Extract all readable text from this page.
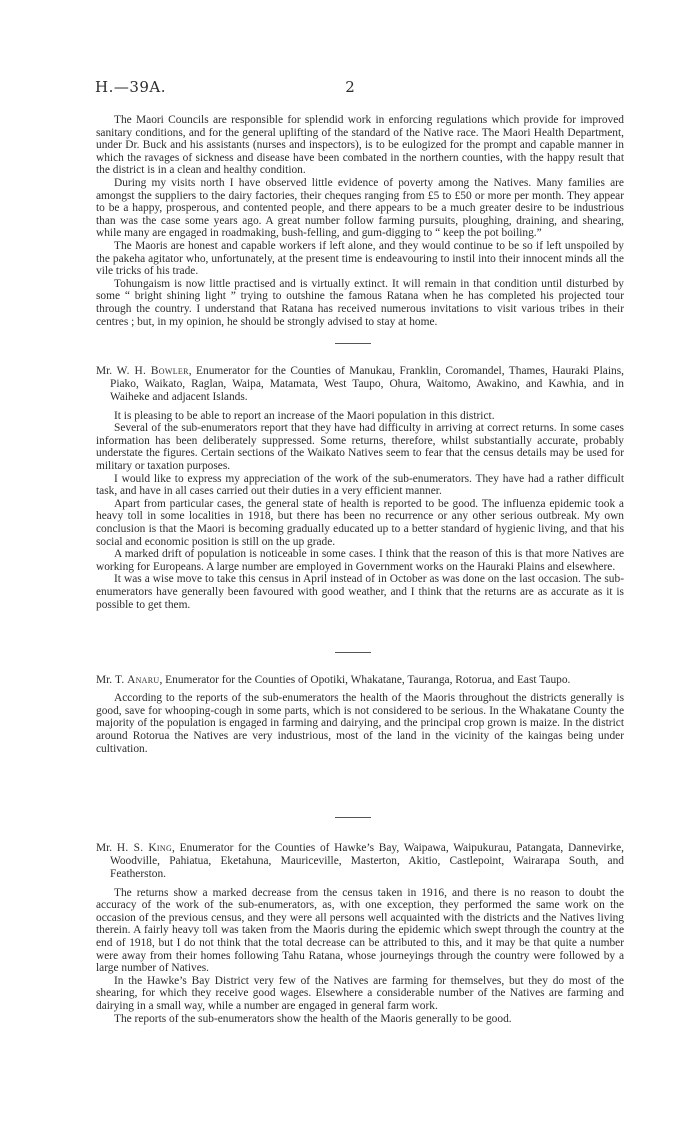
H.—39A.	2

The Maori Councils are responsible for splendid work in enforcing regulations which provide for improved sanitary conditions, and for the general uplifting of the standard of the Native race. The Maori Health Department, under Dr. Buck and his assistants (nurses and inspectors), is to be eulogized for the prompt and capable manner in which the ravages of sickness and disease have been combated in the northern counties, with the happy result that the district is in a clean and healthy condition.

During my visits north I have observed little evidence of poverty among the Natives. Many families are amongst the suppliers to the dairy factories, their cheques ranging from £5 to £50 or more per month. They appear to be a happy, prosperous, and contented people, and there appears to be a much greater desire to be industrious than was the case some years ago. A great number follow farming pursuits, ploughing, draining, and shearing, while many are engaged in roadmaking, bush-felling, and gum-digging to “ keep the pot boiling.”

The Maoris are honest and capable workers if left alone, and they would continue to be so if left unspoiled by the pakeha agitator who, unfortunately, at the present time is endeavouring to instil into their innocent minds all the vile tricks of his trade.

Tohungaism is now little practised and is virtually extinct. It will remain in that condition until disturbed by some “ bright shining light ” trying to outshine the famous Ratana when he has completed his projected tour through the country. I understand that Ratana has received numerous invitations to visit various tribes in their centres ; but, in my opinion, he should be strongly advised to stay at home.

Mr. W. H. Bowler, Enumerator for the Counties of Manukau, Franklin, Coromandel, Thames, Hauraki Plains, Piako, Waikato, Raglan, Waipa, Matamata, West Taupo, Ohura, Waitomo, Awakino, and Kawhia, and in Waiheke and adjacent Islands.

It is pleasing to be able to report an increase of the Maori population in this district.

Several of the sub-enumerators report that they have had difficulty in arriving at correct returns. In some cases information has been deliberately suppressed. Some returns, therefore, whilst substantially accurate, probably understate the figures. Certain sections of the Waikato Natives seem to fear that the census details may be used for military or taxation purposes.

I would like to express my appreciation of the work of the sub-enumerators. They have had a rather difficult task, and have in all cases carried out their duties in a very efficient manner.

Apart from particular cases, the general state of health is reported to be good. The influenza epidemic took a heavy toll in some localities in 1918, but there has been no recurrence or any other serious outbreak. My own conclusion is that the Maori is becoming gradually educated up to a better standard of hygienic living, and that his social and economic position is still on the up grade.

A marked drift of population is noticeable in some cases. I think that the reason of this is that more Natives are working for Europeans. A large number are employed in Government works on the Hauraki Plains and elsewhere.

It was a wise move to take this census in April instead of in October as was done on the last occasion. The sub-enumerators have generally been favoured with good weather, and I think that the returns are as accurate as it is possible to get them.

Mr. T. Anaru, Enumerator for the Counties of Opotiki, Whakatane, Tauranga, Rotorua, and East Taupo.

According to the reports of the sub-enumerators the health of the Maoris throughout the districts generally is good, save for whooping-cough in some parts, which is not considered to be serious. In the Whakatane County the majority of the population is engaged in farming and dairying, and the principal crop grown is maize. In the district around Rotorua the Natives are very industrious, most of the land in the vicinity of the kaingas being under cultivation.

Mr. H. S. King, Enumerator for the Counties of Hawke’s Bay, Waipawa, Waipukurau, Patangata, Dannevirke, Woodville, Pahiatua, Eketahuna, Mauriceville, Masterton, Akitio, Castlepoint, Wairarapa South, and Featherston.

The returns show a marked decrease from the census taken in 1916, and there is no reason to doubt the accuracy of the work of the sub-enumerators, as, with one exception, they performed the same work on the occasion of the previous census, and they were all persons well acquainted with the districts and the Natives living therein. A fairly heavy toll was taken from the Maoris during the epidemic which swept through the country at the end of 1918, but I do not think that the total decrease can be attributed to this, and it may be that quite a number were away from their homes following Tahu Ratana, whose journeyings through the country were followed by a large number of Natives.

In the Hawke’s Bay District very few of the Natives are farming for themselves, but they do most of the shearing, for which they receive good wages. Elsewhere a considerable number of the Natives are farming and dairying in a small way, while a number are engaged in general farm work.

The reports of the sub-enumerators show the health of the Maoris generally to be good.
